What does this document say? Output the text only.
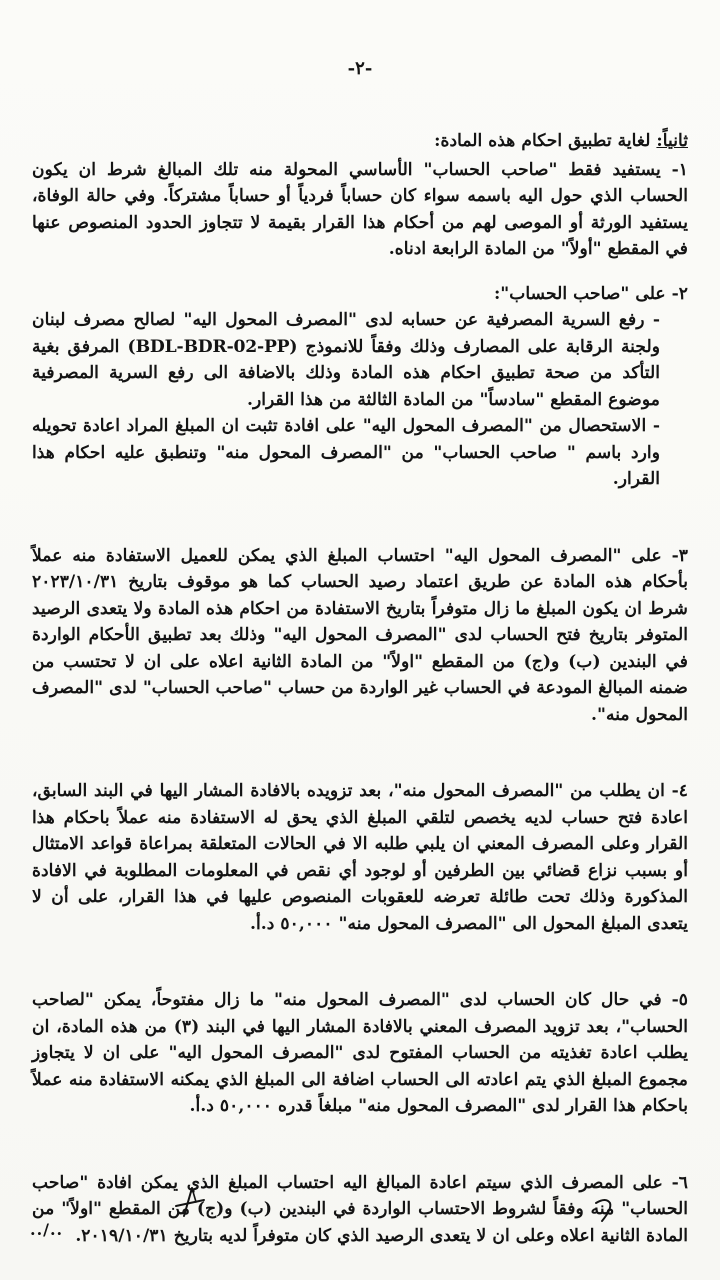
-٢-

ثانياً: لغاية تطبيق احكام هذه المادة:

١- يستفيد فقط "صاحب الحساب" الأساسي المحولة منه تلك المبالغ شرط ان يكون الحساب الذي حول اليه باسمه سواء كان حساباً فردياً أو حساباً مشتركاً. وفي حالة الوفاة، يستفيد الورثة أو الموصى لهم من أحكام هذا القرار بقيمة لا تتجاوز الحدود المنصوص عنها في المقطع "أولاً" من المادة الرابعة ادناه.

٢- على "صاحب الحساب":

- رفع السرية المصرفية عن حسابه لدى "المصرف المحول اليه" لصالح مصرف لبنان ولجنة الرقابة على المصارف وذلك وفقاً للانموذج (BDL-BDR-02-PP) المرفق بغية التأكد من صحة تطبيق احكام هذه المادة وذلك بالاضافة الى رفع السرية المصرفية موضوع المقطع "سادساً" من المادة الثالثة من هذا القرار.

- الاستحصال من "المصرف المحول اليه" على افادة تثبت ان المبلغ المراد اعادة تحويله وارد باسم " صاحب الحساب" من "المصرف المحول منه" وتنطبق عليه احكام هذا القرار.

٣- على "المصرف المحول اليه" احتساب المبلغ الذي يمكن للعميل الاستفادة منه عملاً بأحكام هذه المادة عن طريق اعتماد رصيد الحساب كما هو موقوف بتاريخ ٢٠٢٣/١٠/٣١ شرط ان يكون المبلغ ما زال متوفراً بتاريخ الاستفادة من احكام هذه المادة ولا يتعدى الرصيد المتوفر بتاريخ فتح الحساب لدى "المصرف المحول اليه" وذلك بعد تطبيق الأحكام الواردة في البندين (ب) و(ج) من المقطع "اولاً" من المادة الثانية اعلاه على ان لا تحتسب من ضمنه المبالغ المودعة في الحساب غير الواردة من حساب "صاحب الحساب" لدى "المصرف المحول منه".

٤- ان يطلب من "المصرف المحول منه"، بعد تزويده بالافادة المشار اليها في البند السابق، اعادة فتح حساب لديه يخصص لتلقي المبلغ الذي يحق له الاستفادة منه عملاً باحكام هذا القرار وعلى المصرف المعني ان يلبي طلبه الا في الحالات المتعلقة بمراعاة قواعد الامتثال أو بسبب نزاع قضائي بين الطرفين أو لوجود أي نقص في المعلومات المطلوبة في الافادة المذكورة وذلك تحت طائلة تعرضه للعقوبات المنصوص عليها في هذا القرار، على أن لا يتعدى المبلغ المحول الى "المصرف المحول منه" ٥٠,٠٠٠ د.أ.

٥- في حال كان الحساب لدى "المصرف المحول منه" ما زال مفتوحاً، يمكن "لصاحب الحساب"، بعد تزويد المصرف المعني بالافادة المشار اليها في البند (٣) من هذه المادة، ان يطلب اعادة تغذيته من الحساب المفتوح لدى "المصرف المحول اليه" على ان لا يتجاوز مجموع المبلغ الذي يتم اعادته الى الحساب اضافة الى المبلغ الذي يمكنه الاستفادة منه عملاً باحكام هذا القرار لدى "المصرف المحول منه" مبلغاً قدره ٥٠,٠٠٠ د.أ.

٦- على المصرف الذي سيتم اعادة المبالغ اليه احتساب المبلغ الذي يمكن افادة "صاحب الحساب" منه وفقاً لشروط الاحتساب الواردة في البندين (ب) و(ج) من المقطع "اولاً" من المادة الثانية اعلاه وعلى ان لا يتعدى الرصيد الذي كان متوفراً لديه بتاريخ ٢٠١٩/١٠/٣١.

../..
